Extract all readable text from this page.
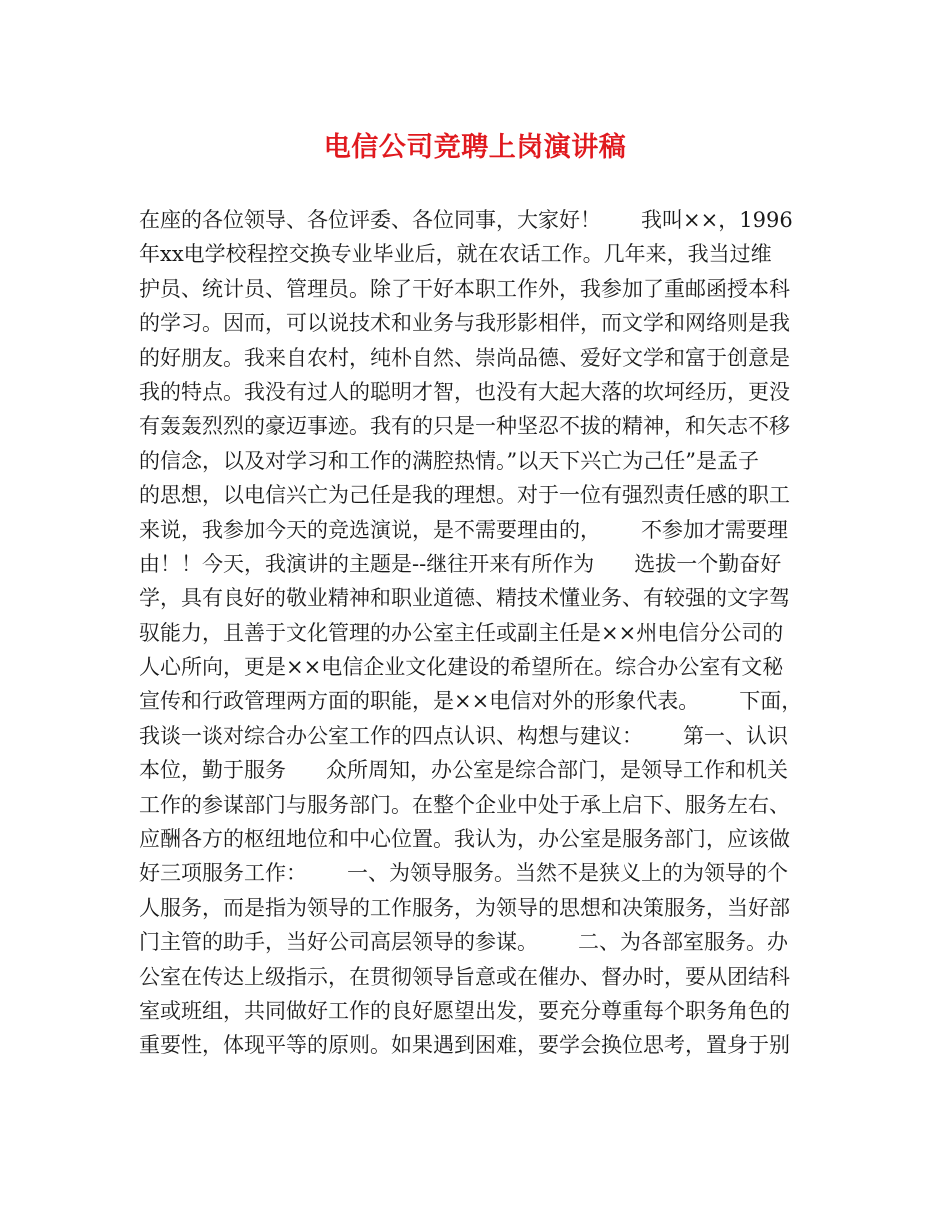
电信公司竞聘上岗演讲稿
在座的各位领导、各位评委、各位同事，大家好！      我叫××，1996
年xx电学校程控交换专业毕业后，就在农话工作。几年来，我当过维
护员、统计员、管理员。除了干好本职工作外，我参加了重邮函授本科
的学习。因而，可以说技术和业务与我形影相伴，而文学和网络则是我
的好朋友。我来自农村，纯朴自然、崇尚品德、爱好文学和富于创意是
我的特点。我没有过人的聪明才智，也没有大起大落的坎坷经历，更没
有轰轰烈烈的豪迈事迹。我有的只是一种坚忍不拔的精神，和矢志不移
的信念，以及对学习和工作的满腔热情。”以天下兴亡为己任”是孟子
的思想，以电信兴亡为己任是我的理想。对于一位有强烈责任感的职工
来说，我参加今天的竞选演说，是不需要理由的，      不参加才需要理
由！！今天，我演讲的主题是--继往开来有所作为      选拔一个勤奋好
学，具有良好的敬业精神和职业道德、精技术懂业务、有较强的文字驾
驭能力，且善于文化管理的办公室主任或副主任是××州电信分公司的
人心所向，更是××电信企业文化建设的希望所在。综合办公室有文秘
宣传和行政管理两方面的职能，是××电信对外的形象代表。      下面，
我谈一谈对综合办公室工作的四点认识、构想与建议：      第一、认识
本位，勤于服务      众所周知，办公室是综合部门，是领导工作和机关
工作的参谋部门与服务部门。在整个企业中处于承上启下、服务左右、
应酬各方的枢纽地位和中心位置。我认为，办公室是服务部门，应该做
好三项服务工作：      一、为领导服务。当然不是狭义上的为领导的个
人服务，而是指为领导的工作服务，为领导的思想和决策服务，当好部
门主管的助手，当好公司高层领导的参谋。      二、为各部室服务。办
公室在传达上级指示，在贯彻领导旨意或在催办、督办时，要从团结科
室或班组，共同做好工作的良好愿望出发，要充分尊重每个职务角色的
重要性，体现平等的原则。如果遇到困难，要学会换位思考，置身于别
